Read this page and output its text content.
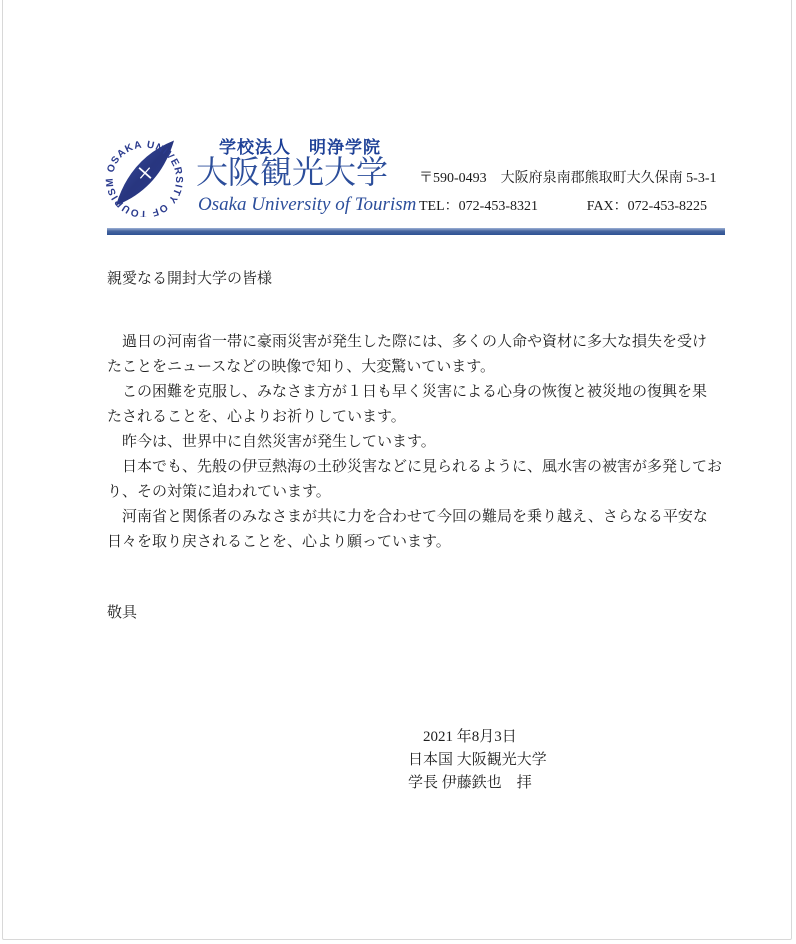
OSAKA UNIVERSITY OF TOURISM
学校法人　明浄学院
大阪観光大学
Osaka University of Tourism
〒590-0493　大阪府泉南郡熊取町大久保南 5-3-1
TEL：072-453-8321	FAX：072-453-8225
親愛なる開封大学の皆様
　過日の河南省一帯に豪雨災害が発生した際には、多くの人命や資材に多大な損失を受け
たことをニュースなどの映像で知り、大変驚いています。
　この困難を克服し、みなさま方が１日も早く災害による心身の恢復と被災地の復興を果
たされることを、心よりお祈りしています。
　昨今は、世界中に自然災害が発生しています。
　日本でも、先般の伊豆熱海の土砂災害などに見られるように、風水害の被害が多発してお
り、その対策に追われています。
　河南省と関係者のみなさまが共に力を合わせて今回の難局を乗り越え、さらなる平安な
日々を取り戻されることを、心より願っています。
敬具
2021 年8月3日
日本国 大阪観光大学
学長 伊藤鉄也　拝
